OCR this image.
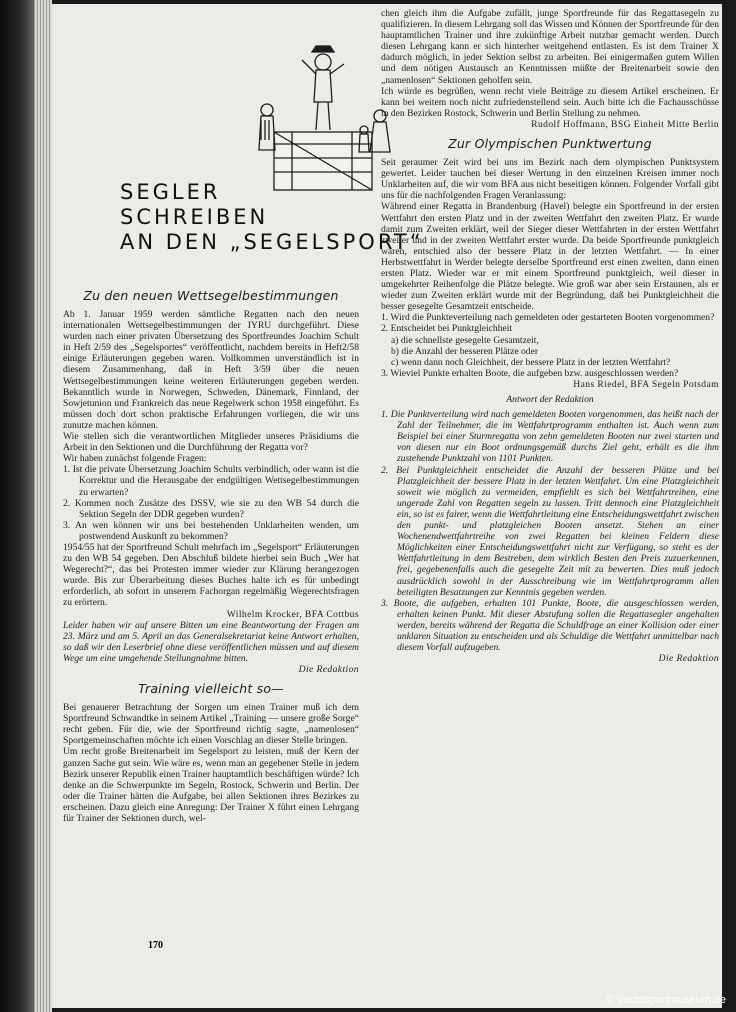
SEGLER
SCHREIBEN
AN DEN „SEGELSPORT“
Zu den neuen Wettsegelbestimmungen

Ab 1. Januar 1959 werden sämtliche Regatten nach den neuen internationalen Wettsegelbestimmungen der IYRU durchgeführt. Diese wurden nach einer privaten Übersetzung des Sportfreundes Joachim Schult in Heft 2/59 des „Segelsportes“ veröffentlicht, nachdem bereits in Heft2/58 einige Erläuterungen gegeben waren. Vollkommen unverständlich ist in diesem Zusammenhang, daß in Heft 3/59 über die neuen Wettsegelbestimmungen keine weiteren Erläuterungen gegeben werden. Bekanntlich wurde in Norwegen, Schweden, Dänemark, Finnland, der Sowjetunion und Frankreich das neue Regelwerk schon 1958 eingeführt. Es müssen doch dort schon praktische Erfahrungen vorliegen, die wir uns zunutze machen können.

Wie stellen sich die verantwortlichen Mitglieder unseres Präsidiums die Arbeit in den Sektionen und die Durchführung der Regatta vor?

Wir haben zunächst folgende Fragen:

1. Ist die private Übersetzung Joachim Schults verbindlich, oder wann ist die Korrektur und die Herausgabe der endgültigen Wettsegelbestimmungen zu erwarten?
2. Kommen noch Zusätze des DSSV, wie sie zu den WB 54 durch die Sektion Segeln der DDR gegeben wurden?
3. An wen können wir uns bei bestehenden Unklarheiten wenden, um postwendend Auskunft zu bekommen?

1954/55 hat der Sportfreund Schult mehrfach im „Segelsport“ Erläuterungen zu den WB 54 gegeben. Den Abschluß bildete hierbei sein Buch „Wer hat Wegerecht?“, das bei Protesten immer wieder zur Klärung herangezogen wurde. Bis zur Überarbeitung dieses Buches halte ich es für unbedingt erforderlich, ab sofort in unserem Fachorgan regelmäßig Wegerechtsfragen zu erörtern.

Wilhelm Krocker, BFA Cottbus

Leider haben wir auf unsere Bitten um eine Beantwortung der Fragen am 23. März und am 5. April an das Generalsekretariat keine Antwort erhalten, so daß wir den Leserbrief ohne diese veröffentlichen müssen und auf diesem Wege um eine umgehende Stellungnahme bitten.

Die Redaktion

Training vielleicht so—

Bei genauerer Betrachtung der Sorgen um einen Trainer muß ich dem Sportfreund Schwandtke in seinem Artikel „Training — unsere große Sorge“ recht geben. Für die, wie der Sportfreund richtig sagte, „namenlosen“ Sportgemeinschaften möchte ich einen Vorschlag an dieser Stelle bringen.

Um recht große Breitenarbeit im Segelsport zu leisten, muß der Kern der ganzen Sache gut sein. Wie wäre es, wenn man an gegebener Stelle in jedem Bezirk unserer Republik einen Trainer hauptamtlich beschäftigen würde? Ich denke an die Schwerpunkte im Segeln, Rostock, Schwerin und Berlin. Der oder die Trainer hätten die Aufgabe, bei allen Sektionen ihres Bezirkes zu erscheinen. Dazu gleich eine Anregung: Der Trainer X führt einen Lehrgang für Trainer der Sektionen durch, wel-

chen gleich ihm die Aufgabe zufällt, junge Sportfreunde für das Regattasegeln zu qualifizieren. In diesem Lehrgang soll das Wissen und Können der Sportfreunde für den hauptamtlichen Trainer und ihre zukünftige Arbeit nutzbar gemacht werden. Durch diesen Lehrgang kann er sich hinterher weitgehend entlasten. Es ist dem Trainer X dadurch möglich, in jeder Sektion selbst zu arbeiten. Bei einigermaßen gutem Willen und dem nötigen Austausch an Kenntnissen müßte der Breitenarbeit sowie den „namenlosen“ Sektionen geholfen sein.

Ich würde es begrüßen, wenn recht viele Beiträge zu diesem Artikel erscheinen. Er kann bei weitem noch nicht zufriedenstellend sein. Auch bitte ich die Fachausschüsse in den Bezirken Rostock, Schwerin und Berlin Stellung zu nehmen.

Rudolf Hoffmann, BSG Einheit Mitte Berlin

Zur Olympischen Punktwertung

Seit geraumer Zeit wird bei uns im Bezirk nach dem olympischen Punktsystem gewertet. Leider tauchen bei dieser Wertung in den einzelnen Kreisen immer noch Unklarheiten auf, die wir vom BFA aus nicht beseitigen können. Folgender Vorfall gibt uns für die nachfolgenden Fragen Veranlassung:

Während einer Regatta in Brandenburg (Havel) belegte ein Sportfreund in der ersten Wettfahrt den ersten Platz und in der zweiten Wettfahrt den zweiten Platz. Er wurde damit zum Zweiten erklärt, weil der Sieger dieser Wettfahrten in der ersten Wettfahrt zweiter und in der zweiten Wettfahrt erster wurde. Da beide Sportfreunde punktgleich waren, entschied also der bessere Platz in der letzten Wettfahrt. — In einer Herbstwettfahrt in Werder belegte derselbe Sportfreund erst einen zweiten, dann einen ersten Platz. Wieder war er mit einem Sportfreund punktgleich, weil dieser in umgekehrter Reihenfolge die Plätze belegte. Wie groß war aber sein Erstaunen, als er wieder zum Zweiten erklärt wurde mit der Begründung, daß bei Punktgleichheit die besser gesegelte Gesamtzeit entscheide.

1. Wird die Punkteverteilung nach gemeldeten oder gestarteten Booten vorgenommen?
2. Entscheidet bei Punktgleichheit
a) die schnellste gesegelte Gesamtzeit,
b) die Anzahl der besseren Plätze oder
c) wenn dann noch Gleichheit, der bessere Platz in der letzten Wettfahrt?
3. Wieviel Punkte erhalten Boote, die aufgeben bzw. ausgeschlossen werden?

Hans Riedel, BFA Segeln Potsdam

Antwort der Redaktion

1. Die Punktverteilung wird nach gemeldeten Booten vorgenommen, das heißt nach der Zahl der Teilnehmer, die im Wettfahrtprogramm enthalten ist. Auch wenn zum Beispiel bei einer Sturmregatta von zehn gemeldeten Booten nur zwei starten und von diesen nur ein Boot ordnungsgemäß durchs Ziel geht, erhält es die ihm zustehende Punktzahl von 1101 Punkten.
2. Bei Punktgleichheit entscheidet die Anzahl der besseren Plätze und bei Platzgleichheit der bessere Platz in der letzten Wettfahrt. Um eine Platzgleichheit soweit wie möglich zu vermeiden, empfiehlt es sich bei Wettfahrtreihen, eine ungerade Zahl von Regatten segeln zu lassen. Tritt dennoch eine Platzgleichheit ein, so ist es fairer, wenn die Wettfahrtleitung eine Entscheidungswettfahrt zwischen den punkt- und platzgleichen Booten ansetzt. Stehen an einer Wochenendwettfahrtreihe von zwei Regatten bei kleinen Feldern diese Möglichkeiten einer Entscheidungswettfahrt nicht zur Verfügung, so steht es der Wettfahrtleitung in dem Bestreben, dem wirklich Besten den Preis zuzuerkennen, frei, gegebenenfalls auch die gesegelte Zeit mit zu bewerten. Dies muß jedoch ausdrücklich sowohl in der Ausschreibung wie im Wettfahrtprogramm allen beteiligten Besatzungen zur Kenntnis gegeben werden.
3. Boote, die aufgeben, erhalten 101 Punkte, Boote, die ausgeschlossen werden, erhalten keinen Punkt. Mit dieser Abstufung sollen die Regattasegler angehalten werden, bereits während der Regatta die Schuldfrage an einer Kollision oder einer unklaren Situation zu entscheiden und als Schuldige die Wettfahrt unmittelbar nach diesem Vorfall aufzugeben.

Die Redaktion

170
© yachtsportmuseum.de
